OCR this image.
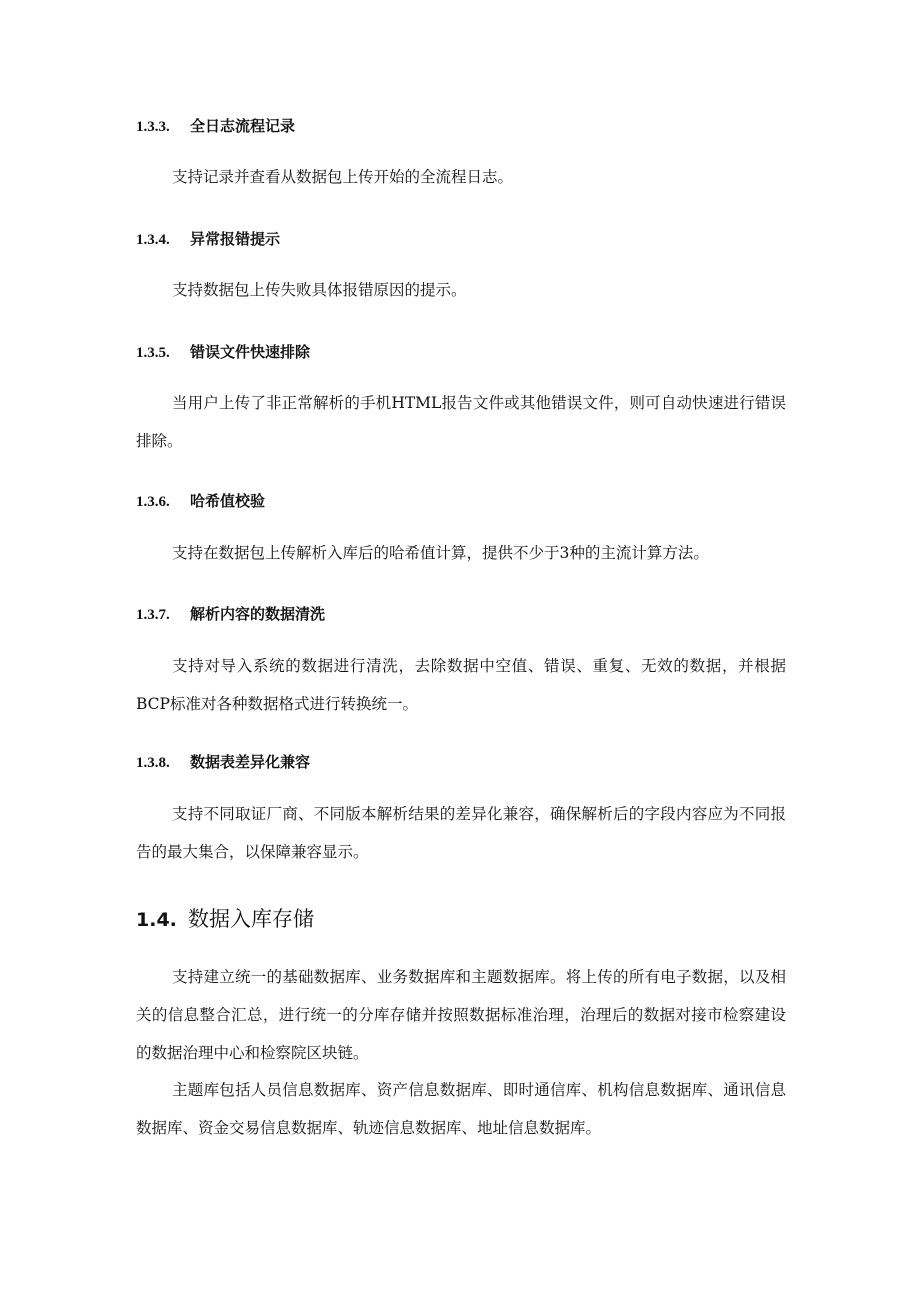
1.3.3. 全日志流程记录

支持记录并查看从数据包上传开始的全流程日志。

1.3.4. 异常报错提示

支持数据包上传失败具体报错原因的提示。

1.3.5. 错误文件快速排除

当用户上传了非正常解析的手机HTML报告文件或其他错误文件，则可自动快速进行错误排除。

1.3.6. 哈希值校验

支持在数据包上传解析入库后的哈希值计算，提供不少于3种的主流计算方法。

1.3.7. 解析内容的数据清洗

支持对导入系统的数据进行清洗，去除数据中空值、错误、重复、无效的数据，并根据BCP标准对各种数据格式进行转换统一。

1.3.8. 数据表差异化兼容

支持不同取证厂商、不同版本解析结果的差异化兼容，确保解析后的字段内容应为不同报告的最大集合，以保障兼容显示。

1.4. 数据入库存储

支持建立统一的基础数据库、业务数据库和主题数据库。将上传的所有电子数据，以及相关的信息整合汇总，进行统一的分库存储并按照数据标准治理，治理后的数据对接市检察建设的数据治理中心和检察院区块链。

主题库包括人员信息数据库、资产信息数据库、即时通信库、机构信息数据库、通讯信息数据库、资金交易信息数据库、轨迹信息数据库、地址信息数据库。
